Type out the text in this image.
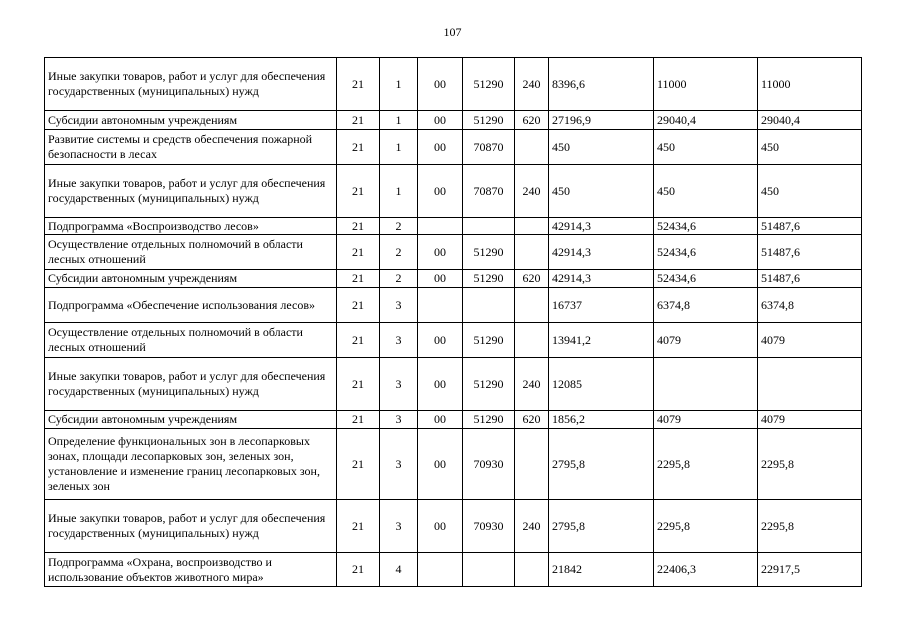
107
Иные закупки товаров, работ и услуг для обеспечения государственных (муниципальных) нужд	21	1	00	51290	240	8396,6	11000	11000
Субсидии автономным учреждениям	21	1	00	51290	620	27196,9	29040,4	29040,4
Развитие системы и средств обеспечения пожарной безопасности в лесах	21	1	00	70870		450	450	450
Иные закупки товаров, работ и услуг для обеспечения государственных (муниципальных) нужд	21	1	00	70870	240	450	450	450
Подпрограмма «Воспроизводство лесов»	21	2				42914,3	52434,6	51487,6
Осуществление отдельных полномочий в области лесных отношений	21	2	00	51290		42914,3	52434,6	51487,6
Субсидии автономным учреждениям	21	2	00	51290	620	42914,3	52434,6	51487,6
Подпрограмма «Обеспечение использования лесов»	21	3				16737	6374,8	6374,8
Осуществление отдельных полномочий в области лесных отношений	21	3	00	51290		13941,2	4079	4079
Иные закупки товаров, работ и услуг для обеспечения государственных (муниципальных) нужд	21	3	00	51290	240	12085		
Субсидии автономным учреждениям	21	3	00	51290	620	1856,2	4079	4079
Определение функциональных зон в лесопарковых зонах, площади лесопарковых зон, зеленых зон, установление и изменение границ лесопарковых зон, зеленых зон	21	3	00	70930		2795,8	2295,8	2295,8
Иные закупки товаров, работ и услуг для обеспечения государственных (муниципальных) нужд	21	3	00	70930	240	2795,8	2295,8	2295,8
Подпрограмма «Охрана, воспроизводство и использование объектов животного мира»	21	4				21842	22406,3	22917,5
